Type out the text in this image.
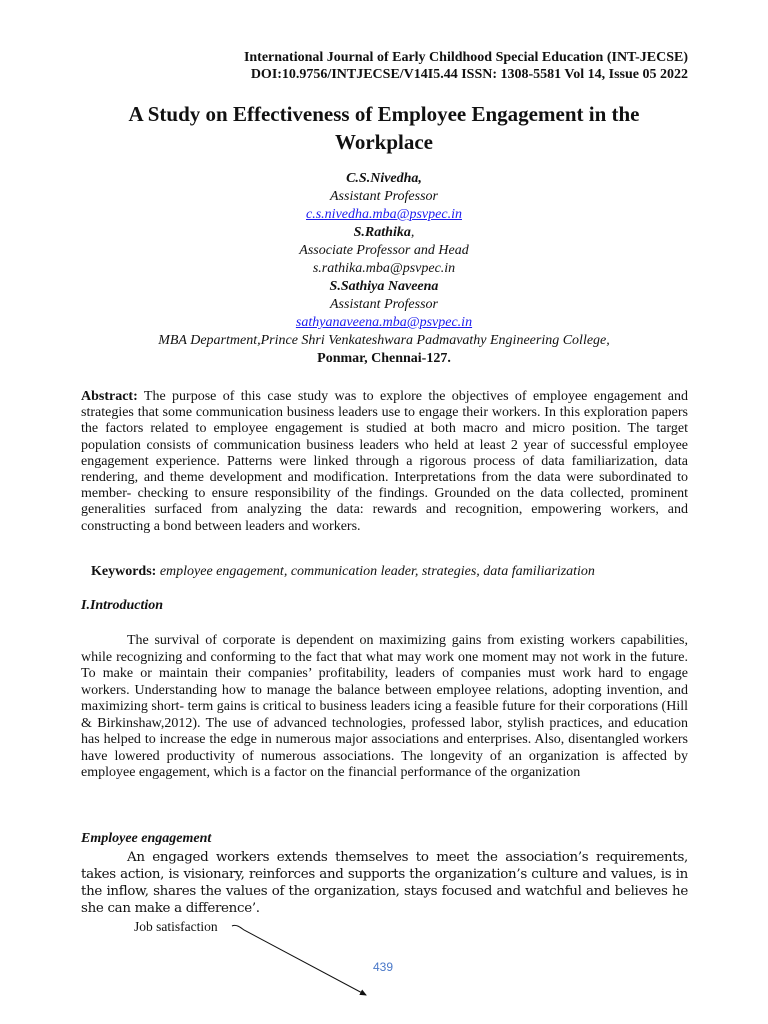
International Journal of Early Childhood Special Education (INT-JECSE)
DOI:10.9756/INTJECSE/V14I5.44 ISSN: 1308-5581 Vol 14, Issue 05 2022
A Study on Effectiveness of Employee Engagement in the
Workplace
C.S.Nivedha,
Assistant Professor
c.s.nivedha.mba@psvpec.in
S.Rathika,
Associate Professor and Head
s.rathika.mba@psvpec.in
S.Sathiya Naveena
Assistant Professor
sathyanaveena.mba@psvpec.in
MBA Department,Prince Shri Venkateshwara Padmavathy Engineering College,
Ponmar, Chennai-127.
Abstract: The purpose of this case study was to explore the objectives of employee engagement and strategies that some communication business leaders use to engage their workers. In this exploration papers the factors related to employee engagement is studied at both macro and micro position. The target population consists of communication business leaders who held at least 2 year of successful employee engagement experience. Patterns were linked through a rigorous process of data familiarization, data rendering, and theme development and modification. Interpretations from the data were subordinated to member- checking to ensure responsibility of the findings. Grounded on the data collected, prominent generalities surfaced from analyzing the data: rewards and recognition, empowering workers, and constructing a bond between leaders and workers.
Keywords: employee engagement, communication leader, strategies, data familiarization
I.Introduction
The survival of corporate is dependent on maximizing gains from existing workers capabilities, while recognizing and conforming to the fact that what may work one moment may not work in the future. To make or maintain their companies’ profitability, leaders of companies must work hard to engage workers. Understanding how to manage the balance between employee relations, adopting invention, and maximizing short- term gains is critical to business leaders icing a feasible future for their corporations (Hill & Birkinshaw,2012). The use of advanced technologies, professed labor, stylish practices, and education has helped to increase the edge in numerous major associations and enterprises. Also, disentangled workers have lowered productivity of numerous associations. The longevity of an organization is affected by employee engagement, which is a factor on the financial performance of the organization
Employee engagement
An engaged workers extends themselves to meet the association’s requirements, takes action, is visionary, reinforces and supports the organization’s culture and values, is in the inflow, shares the values of the organization, stays focused and watchful and believes he she can make a difference’.
Job satisfaction
439
